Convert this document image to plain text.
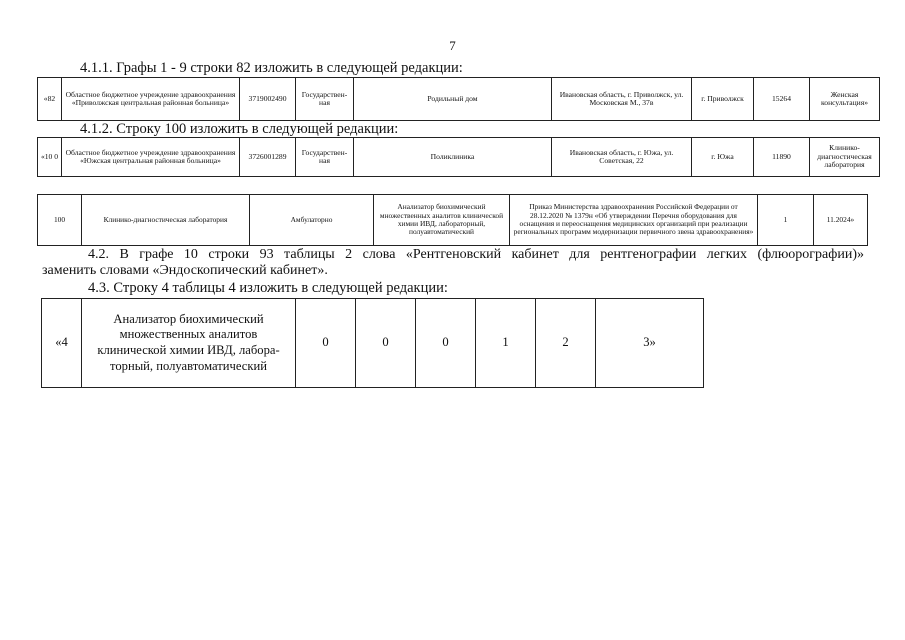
7
4.1.1. Графы 1 - 9 строки 82 изложить в следующей редакции:
«82	Областное бюджетное учреждение здравоохранения «Приволжская центральная районная больница»	3719002490	Государствен-ная	Родильный дом	Ивановская область, г. Приволжск, ул. Московская М., 37в	г. Приволжск	15264	Женская консультация»
4.1.2. Строку 100 изложить в следующей редакции:
«10 0	Областное бюджетное учреждение здравоохранения «Южская центральная районная больница»	3726001289	Государствен-ная	Поликлиника	Ивановская область, г. Южа, ул. Советская, 22	г. Южа	11890	Клинико-диагностическая лаборатория
100	Клинико-диагностическая лаборатория	Амбулаторно	Анализатор биохимический множественных аналитов клинической химии ИВД, лабораторный, полуавтоматический	Приказ Министерства здравоохранения Российской Федерации от 28.12.2020 № 1379н «Об утверждении Перечня оборудования для оснащения и переоснащения медицинских организаций при реализации региональных программ модернизации первичного звена здравоохранения»	1	11.2024»
4.2. В графе 10 строки 93 таблицы 2 слова «Рентгеновский кабинет для рентгенографии легких (флюорографии)»
заменить словами «Эндоскопический кабинет».
4.3. Строку 4 таблицы 4 изложить в следующей редакции:
«4	Анализатор биохимический множественных аналитов клинической химии ИВД, лабора-торный, полуавтоматический	0	0	0	1	2	3»
